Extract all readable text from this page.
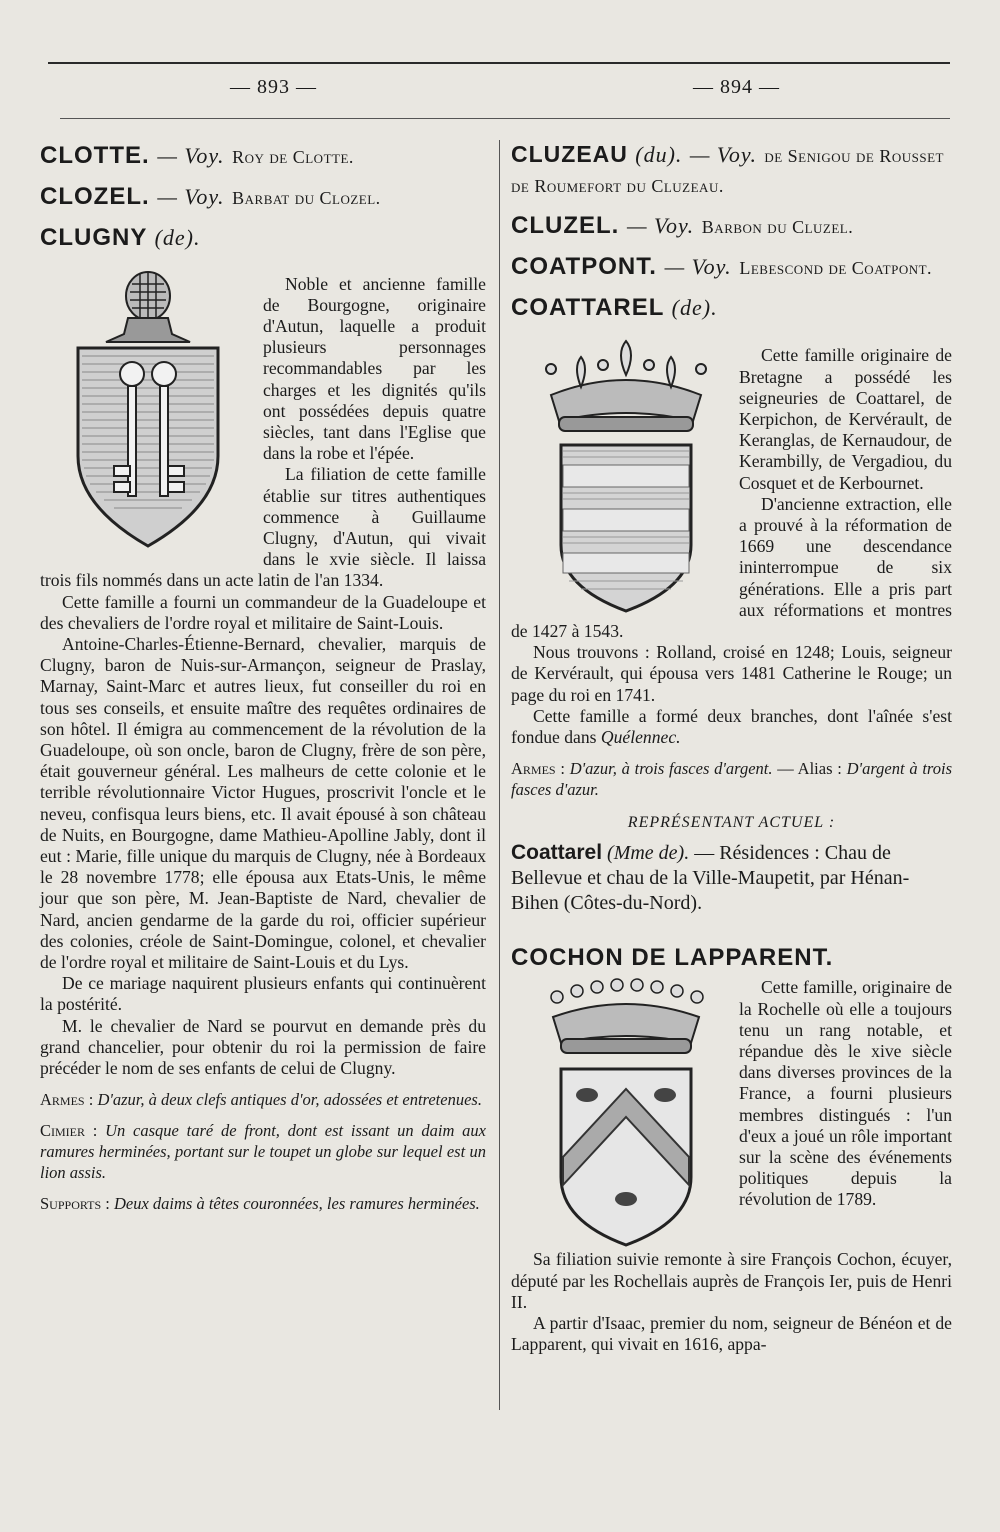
— 893 —	— 894 —
CLOTTE. — Voy. Roy de Clotte.
CLOZEL. — Voy. Barbat du Clozel.
CLUGNY (de).

Noble et ancienne famille de Bourgogne, originaire d'Autun, laquelle a produit plusieurs personnages recommandables par les charges et les dignités qu'ils ont possédées depuis quatre siècles, tant dans l'Eglise que dans la robe et l'épée.

La filiation de cette famille établie sur titres authentiques commence à Guillaume Clugny, d'Autun, qui vivait dans le xvie siècle. Il laissa trois fils nommés dans un acte latin de l'an 1334.

Cette famille a fourni un commandeur de la Guadeloupe et des chevaliers de l'ordre royal et militaire de Saint-Louis.

Antoine-Charles-Étienne-Bernard, chevalier, marquis de Clugny, baron de Nuis-sur-Armançon, seigneur de Praslay, Marnay, Saint-Marc et autres lieux, fut conseiller du roi en tous ses conseils, et ensuite maître des requêtes ordinaires de son hôtel. Il émigra au commencement de la révolution de la Guadeloupe, où son oncle, baron de Clugny, frère de son père, était gouverneur général. Les malheurs de cette colonie et le terrible révolutionnaire Victor Hugues, proscrivit l'oncle et le neveu, confisqua leurs biens, etc. Il avait épousé à son château de Nuits, en Bourgogne, dame Mathieu-Apolline Jably, dont il eut : Marie, fille unique du marquis de Clugny, née à Bordeaux le 28 novembre 1778; elle épousa aux Etats-Unis, le même jour que son père, M. Jean-Baptiste de Nard, chevalier de Nard, ancien gendarme de la garde du roi, officier supérieur des colonies, créole de Saint-Domingue, colonel, et chevalier de l'ordre royal et militaire de Saint-Louis et du Lys.

De ce mariage naquirent plusieurs enfants qui continuèrent la postérité.

M. le chevalier de Nard se pourvut en demande près du grand chancelier, pour obtenir du roi la permission de faire précéder le nom de ses enfants de celui de Clugny.

Armes : D'azur, à deux clefs antiques d'or, adossées et entretenues.

Cimier : Un casque taré de front, dont est issant un daim aux ramures herminées, portant sur le toupet un globe sur lequel est un lion assis.

Supports : Deux daims à têtes couronnées, les ramures herminées.

CLUZEAU (du). — Voy. de Senigou de Rousset de Roumefort du Cluzeau.
CLUZEL. — Voy. Barbon du Cluzel.
COATPONT. — Voy. Lebescond de Coatpont.
COATTAREL (de).

Cette famille originaire de Bretagne a possédé les seigneuries de Coattarel, de Kerpichon, de Kervérault, de Keranglas, de Kernaudour, de Kerambilly, de Vergadiou, du Cosquet et de Kerbournet.

D'ancienne extraction, elle a prouvé à la réformation de 1669 une descendance ininterrompue de six générations. Elle a pris part aux réformations et montres de 1427 à 1543.

Nous trouvons : Rolland, croisé en 1248; Louis, seigneur de Kervérault, qui épousa vers 1481 Catherine le Rouge; un page du roi en 1741.

Cette famille a formé deux branches, dont l'aînée s'est fondue dans Quélennec.

Armes : D'azur, à trois fasces d'argent. — Alias : D'argent à trois fasces d'azur.

REPRÉSENTANT ACTUEL :

Coattarel (Mme de). — Résidences : Chau de Bellevue et chau de la Ville-Maupetit, par Hénan-Bihen (Côtes-du-Nord).

COCHON DE LAPPARENT.

Cette famille, originaire de la Rochelle où elle a toujours tenu un rang notable, et répandue dès le xive siècle dans diverses provinces de la France, a fourni plusieurs membres distingués : l'un d'eux a joué un rôle important sur la scène des événements politiques depuis la révolution de 1789.

Sa filiation suivie remonte à sire François Cochon, écuyer, député par les Rochellais auprès de François Ier, puis de Henri II.

A partir d'Isaac, premier du nom, seigneur de Bénéon et de Lapparent, qui vivait en 1616, appa-
